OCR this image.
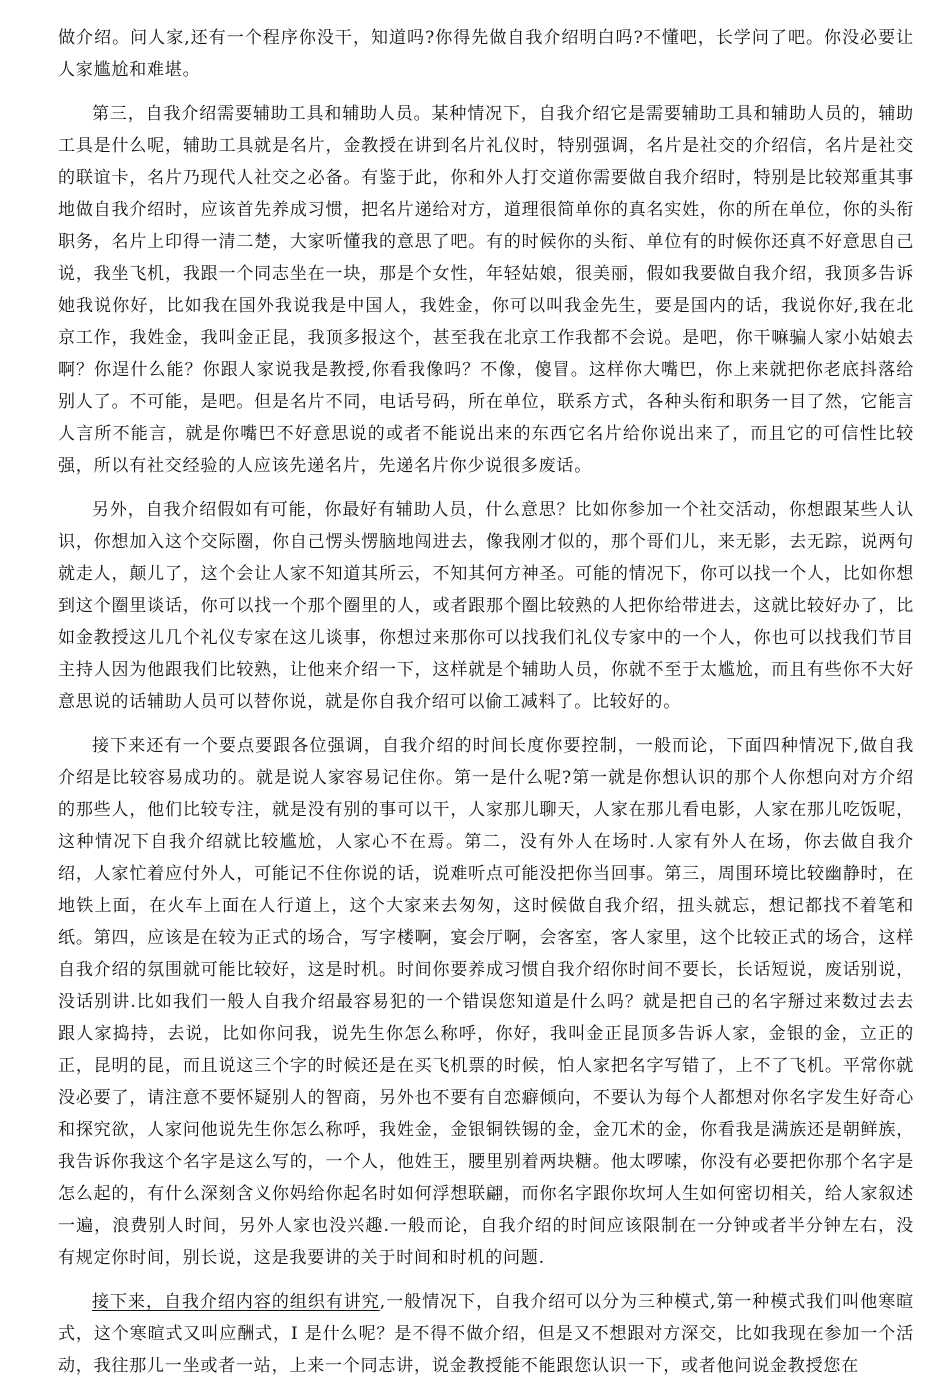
做介绍。问人家,还有一个程序你没干，知道吗?你得先做自我介绍明白吗?不懂吧，长学问了吧。你没必要让人家尴尬和难堪。

第三，自我介绍需要辅助工具和辅助人员。某种情况下，自我介绍它是需要辅助工具和辅助人员的，辅助工具是什么呢，辅助工具就是名片，金教授在讲到名片礼仪时，特别强调，名片是社交的介绍信，名片是社交的联谊卡，名片乃现代人社交之必备。有鉴于此，你和外人打交道你需要做自我介绍时，特别是比较郑重其事地做自我介绍时，应该首先养成习惯，把名片递给对方，道理很简单你的真名实姓，你的所在单位，你的头衔职务，名片上印得一清二楚，大家听懂我的意思了吧。有的时候你的头衔、单位有的时候你还真不好意思自己说，我坐飞机，我跟一个同志坐在一块，那是个女性，年轻姑娘，很美丽，假如我要做自我介绍，我顶多告诉她我说你好，比如我在国外我说我是中国人，我姓金，你可以叫我金先生，要是国内的话，我说你好,我在北京工作，我姓金，我叫金正昆，我顶多报这个，甚至我在北京工作我都不会说。是吧，你干嘛骗人家小姑娘去啊？你逞什么能？你跟人家说我是教授,你看我像吗？不像，傻冒。这样你大嘴巴，你上来就把你老底抖落给别人了。不可能，是吧。但是名片不同，电话号码，所在单位，联系方式，各种头衔和职务一目了然，它能言人言所不能言，就是你嘴巴不好意思说的或者不能说出来的东西它名片给你说出来了，而且它的可信性比较强，所以有社交经验的人应该先递名片，先递名片你少说很多废话。

另外，自我介绍假如有可能，你最好有辅助人员，什么意思？比如你参加一个社交活动，你想跟某些人认识，你想加入这个交际圈，你自己愣头愣脑地闯进去，像我刚才似的，那个哥们儿，来无影，去无踪，说两句就走人，颠儿了，这个会让人家不知道其所云，不知其何方神圣。可能的情况下，你可以找一个人，比如你想到这个圈里谈话，你可以找一个那个圈里的人，或者跟那个圈比较熟的人把你给带进去，这就比较好办了，比如金教授这儿几个礼仪专家在这儿谈事，你想过来那你可以找我们礼仪专家中的一个人，你也可以找我们节目主持人因为他跟我们比较熟，让他来介绍一下，这样就是个辅助人员，你就不至于太尴尬，而且有些你不大好意思说的话辅助人员可以替你说，就是你自我介绍可以偷工减料了。比较好的。

接下来还有一个要点要跟各位强调，自我介绍的时间长度你要控制，一般而论，下面四种情况下,做自我介绍是比较容易成功的。就是说人家容易记住你。第一是什么呢?第一就是你想认识的那个人你想向对方介绍的那些人，他们比较专注，就是没有别的事可以干，人家那儿聊天，人家在那儿看电影，人家在那儿吃饭呢，这种情况下自我介绍就比较尴尬，人家心不在焉。第二，没有外人在场时.人家有外人在场，你去做自我介绍，人家忙着应付外人，可能记不住你说的话，说难听点可能没把你当回事。第三，周围环境比较幽静时，在地铁上面，在火车上面在人行道上，这个大家来去匆匆，这时候做自我介绍，扭头就忘，想记都找不着笔和纸。第四，应该是在较为正式的场合，写字楼啊，宴会厅啊，会客室，客人家里，这个比较正式的场合，这样自我介绍的氛围就可能比较好，这是时机。时间你要养成习惯自我介绍你时间不要长，长话短说，废话别说，没话别讲.比如我们一般人自我介绍最容易犯的一个错误您知道是什么吗？就是把自己的名字掰过来数过去去跟人家捣持，去说，比如你问我，说先生你怎么称呼，你好，我叫金正昆顶多告诉人家，金银的金，立正的正，昆明的昆，而且说这三个字的时候还是在买飞机票的时候，怕人家把名字写错了，上不了飞机。平常你就没必要了，请注意不要怀疑别人的智商，另外也不要有自恋癖倾向，不要认为每个人都想对你名字发生好奇心和探究欲，人家问他说先生你怎么称呼，我姓金，金银铜铁锡的金，金兀术的金，你看我是满族还是朝鲜族，我告诉你我这个名字是这么写的，一个人，他姓王，腰里别着两块糖。他太啰嗦，你没有必要把你那个名字是怎么起的，有什么深刻含义你妈给你起名时如何浮想联翩，而你名字跟你坎坷人生如何密切相关，给人家叙述一遍，浪费别人时间，另外人家也没兴趣.一般而论，自我介绍的时间应该限制在一分钟或者半分钟左右，没有规定你时间，别长说，这是我要讲的关于时间和时机的问题.

接下来，自我介绍内容的组织有讲究,一般情况下，自我介绍可以分为三种模式,第一种模式我们叫他寒暄式，这个寒暄式又叫应酬式，I 是什么呢？是不得不做介绍，但是又不想跟对方深交，比如我现在参加一个活动，我往那儿一坐或者一站，上来一个同志讲，说金教授能不能跟您认识一下，或者他问说金教授您在
